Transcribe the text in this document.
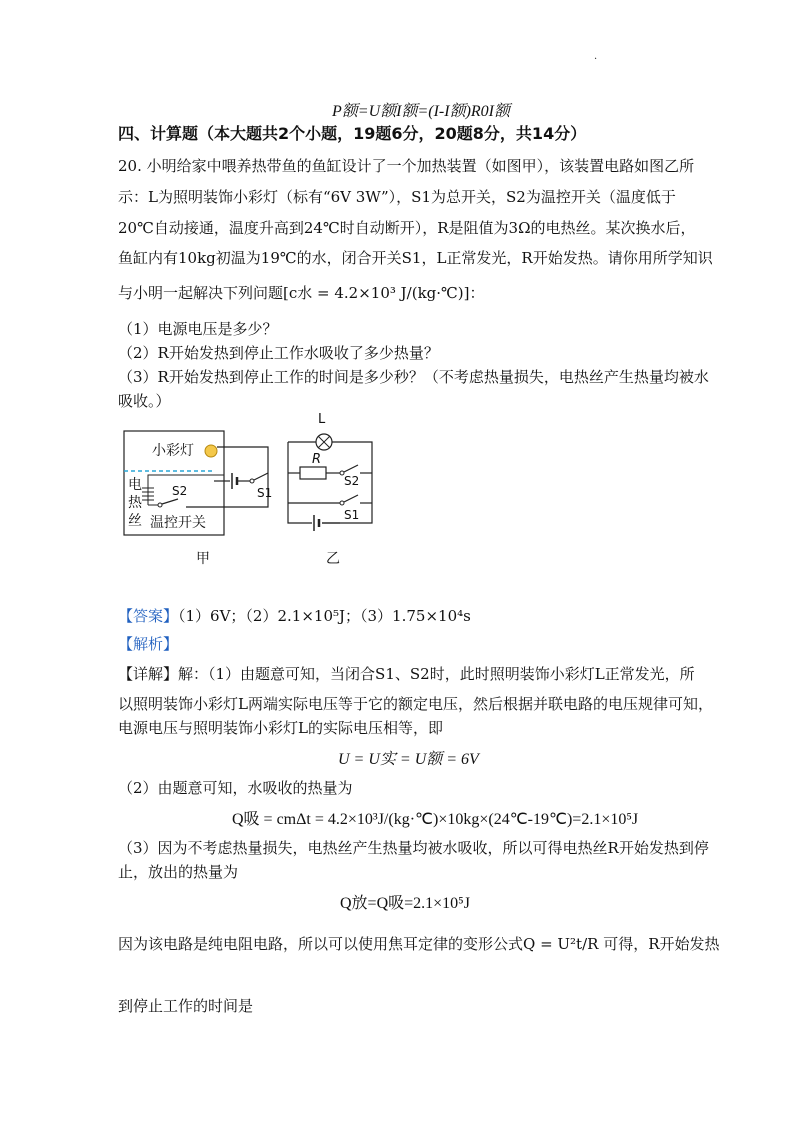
·
P额=U额I额=(I-I额)R0I额
四、计算题（本大题共2个小题，19题6分，20题8分，共14分）
20. 小明给家中喂养热带鱼的鱼缸设计了一个加热装置（如图甲），该装置电路如图乙所
示：L为照明装饰小彩灯（标有“6V 3W”），S1为总开关，S2为温控开关（温度低于
20℃自动接通，温度升高到24℃时自动断开），R是阻值为3Ω的电热丝。某次换水后，
鱼缸内有10kg初温为19℃的水，闭合开关S1，L正常发光，R开始发热。请你用所学知识
与小明一起解决下列问题[c水 = 4.2×10³ J/(kg·℃)]：
（1）电源电压是多少？
（2）R开始发热到停止工作水吸收了多少热量？
（3）R开始发热到停止工作的时间是多少秒？（不考虑热量损失，电热丝产生热量均被水
吸收。）
小彩灯
电
热
丝 温控开关
S2	S1
甲
L
R
S2
S1
乙
【答案】（1）6V；（2）2.1×10⁵J；（3）1.75×10⁴s
【解析】
【详解】解：（1）由题意可知，当闭合S1、S2时，此时照明装饰小彩灯L正常发光，所
以照明装饰小彩灯L两端实际电压等于它的额定电压，然后根据并联电路的电压规律可知，
电源电压与照明装饰小彩灯L的实际电压相等，即
U = U实 = U额 = 6V
（2）由题意可知，水吸收的热量为
Q吸 = cmΔt = 4.2×10³J/(kg·℃)×10kg×(24℃-19℃)=2.1×10⁵J
（3）因为不考虑热量损失，电热丝产生热量均被水吸收，所以可得电热丝R开始发热到停
止，放出的热量为
Q放=Q吸=2.1×10⁵J
因为该电路是纯电阻电路，所以可以使用焦耳定律的变形公式Q = U²t/R 可得，R开始发热
到停止工作的时间是
